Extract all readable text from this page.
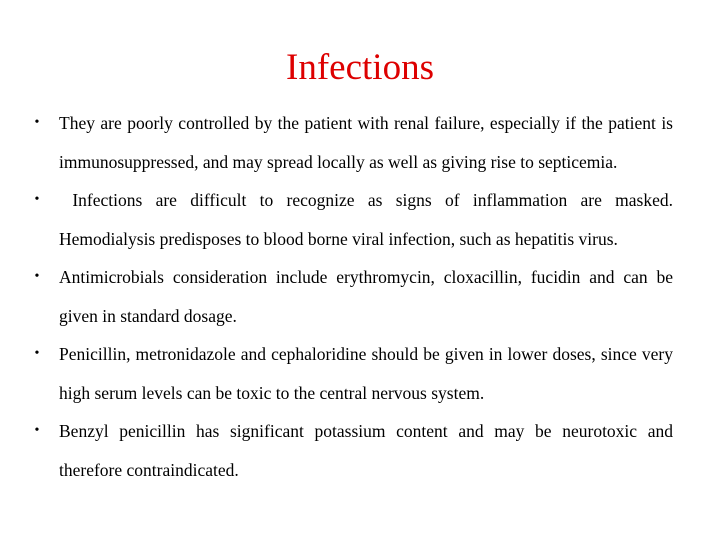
Infections
• They are poorly controlled by the patient with renal failure, especially if the patient is immunosuppressed, and may spread locally as well as giving rise to septicemia.
• Infections are difficult to recognize as signs of inflammation are masked. Hemodialysis predisposes to blood borne viral infection, such as hepatitis virus.
• Antimicrobials consideration include erythromycin, cloxacillin, fucidin and can be given in standard dosage.
• Penicillin, metronidazole and cephaloridine should be given in lower doses, since very high serum levels can be toxic to the central nervous system.
• Benzyl penicillin has significant potassium content and may be neurotoxic and therefore contraindicated.
